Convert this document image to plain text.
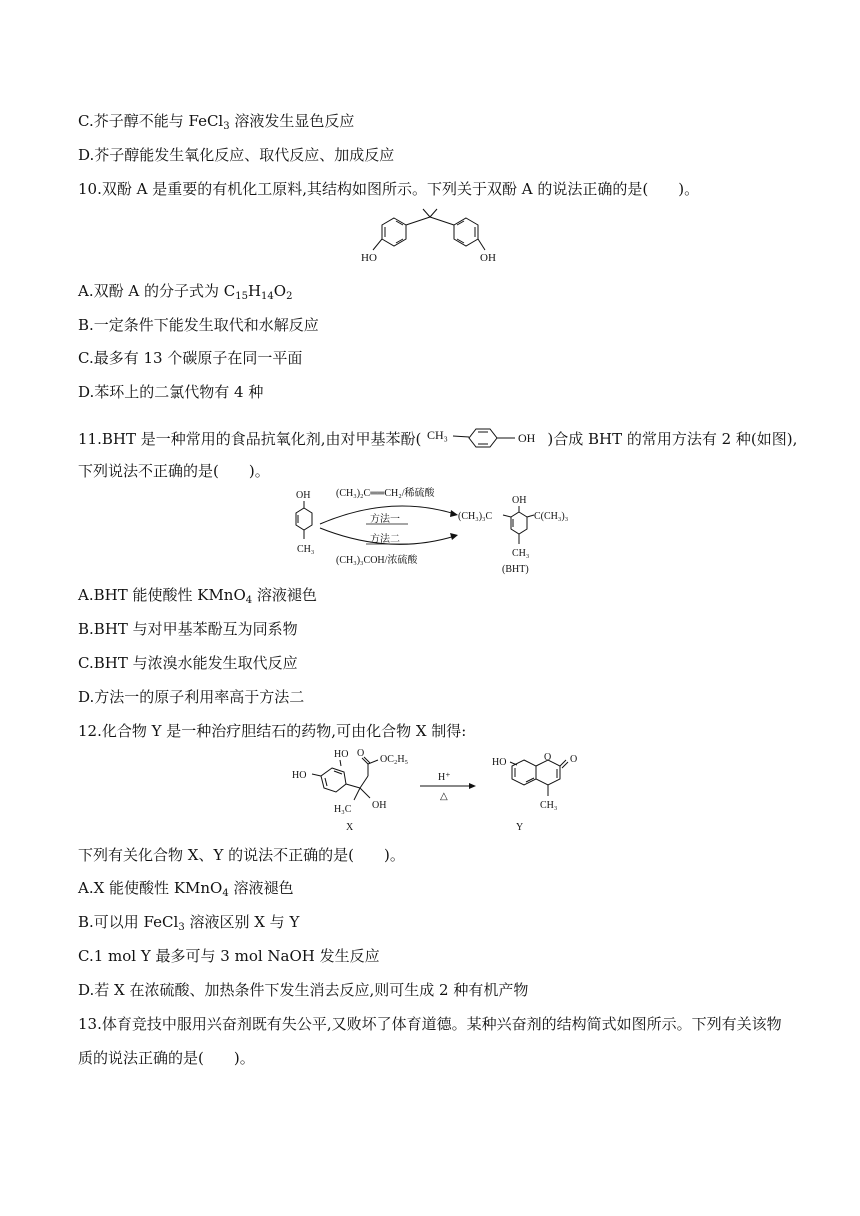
C.芥子醇不能与 FeCl$_3$ 溶液发生显色反应
D.芥子醇能发生氧化反应、取代反应、加成反应
10.双酚 A 是重要的有机化工原料,其结构如图所示。下列关于双酚 A 的说法正确的是(　　)。
HO	OH
A.双酚 A 的分子式为 $C_{15}H_{14}O_2$
B.一定条件下能发生取代和水解反应
C.最多有 13 个碳原子在同一平面
D.苯环上的二氯代物有 4 种
11.BHT 是一种常用的食品抗氧化剂,由对甲基苯酚( CH₃	OH )合成 BHT 的常用方法有 2 种(如图),
下列说法不正确的是(　　)。
OH
CH₃
(CH₃)₂C══CH₂/稀硫酸
方法一
方法二
(CH₃)₃COH/浓硫酸
OH
(CH₃)₃C	C(CH₃)₃
CH₃
(BHT)
A.BHT 能使酸性 KMnO$_4$ 溶液褪色
B.BHT 与对甲基苯酚互为同系物
C.BHT 与浓溴水能发生取代反应
D.方法一的原子利用率高于方法二
12.化合物 Y 是一种治疗胆结石的药物,可由化合物 X 制得:
HO
HO O
OC₂H₅
H₃C OH
X
H⁺
△
HO	O O
CH₃
Y
下列有关化合物 X、Y 的说法不正确的是(　　)。
A.X 能使酸性 KMnO$_4$ 溶液褪色
B.可以用 FeCl$_3$ 溶液区别 X 与 Y
C.1 mol Y 最多可与 3 mol NaOH 发生反应
D.若 X 在浓硫酸、加热条件下发生消去反应,则可生成 2 种有机产物
13.体育竞技中服用兴奋剂既有失公平,又败坏了体育道德。某种兴奋剂的结构简式如图所示。下列有关该物
质的说法正确的是(　　)。
